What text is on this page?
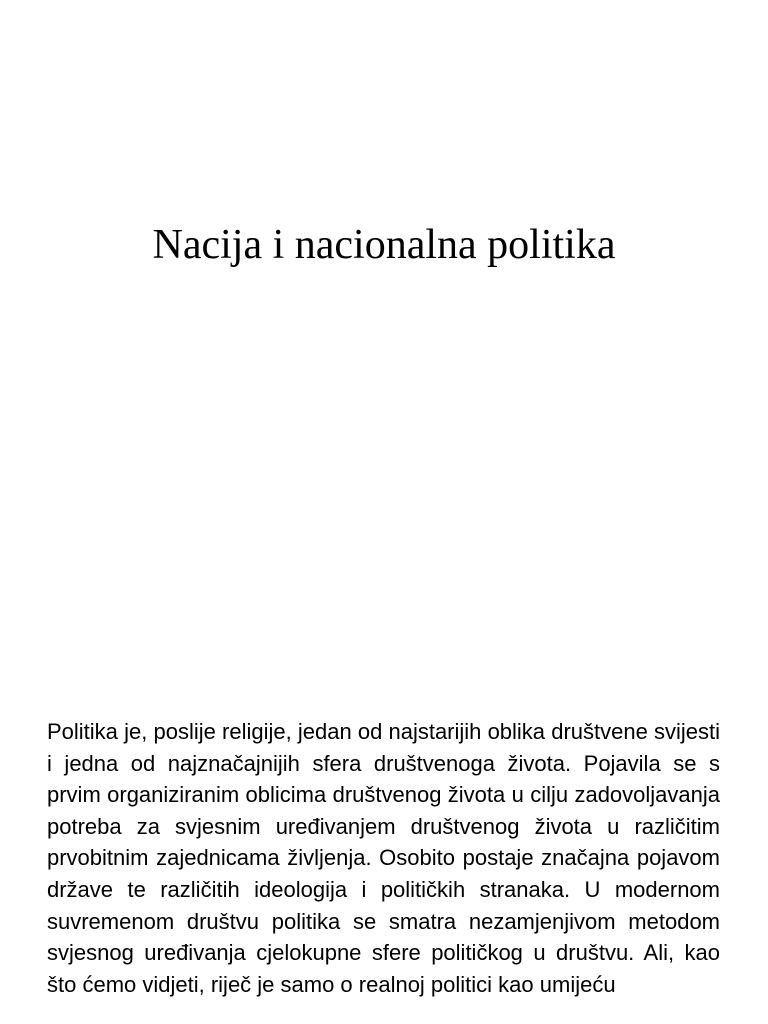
Nacija i nacionalna politika

Politika je, poslije religije, jedan od najstarijih oblika društvene svijesti i jedna od najznačajnijih sfera društvenoga života. Pojavila se s prvim organiziranim oblicima društvenog života u cilju zadovoljavanja potreba za svjesnim uređivanjem društvenog života u različitim prvobitnim zajednicama življenja. Osobito postaje značajna pojavom države te različitih ideologija i političkih stranaka. U modernom suvremenom društvu politika se smatra nezamjenjivom metodom svjesnog uređivanja cjelokupne sfere političkog u društvu. Ali, kao što ćemo vidjeti, riječ je samo o realnoj politici kao umijeću
